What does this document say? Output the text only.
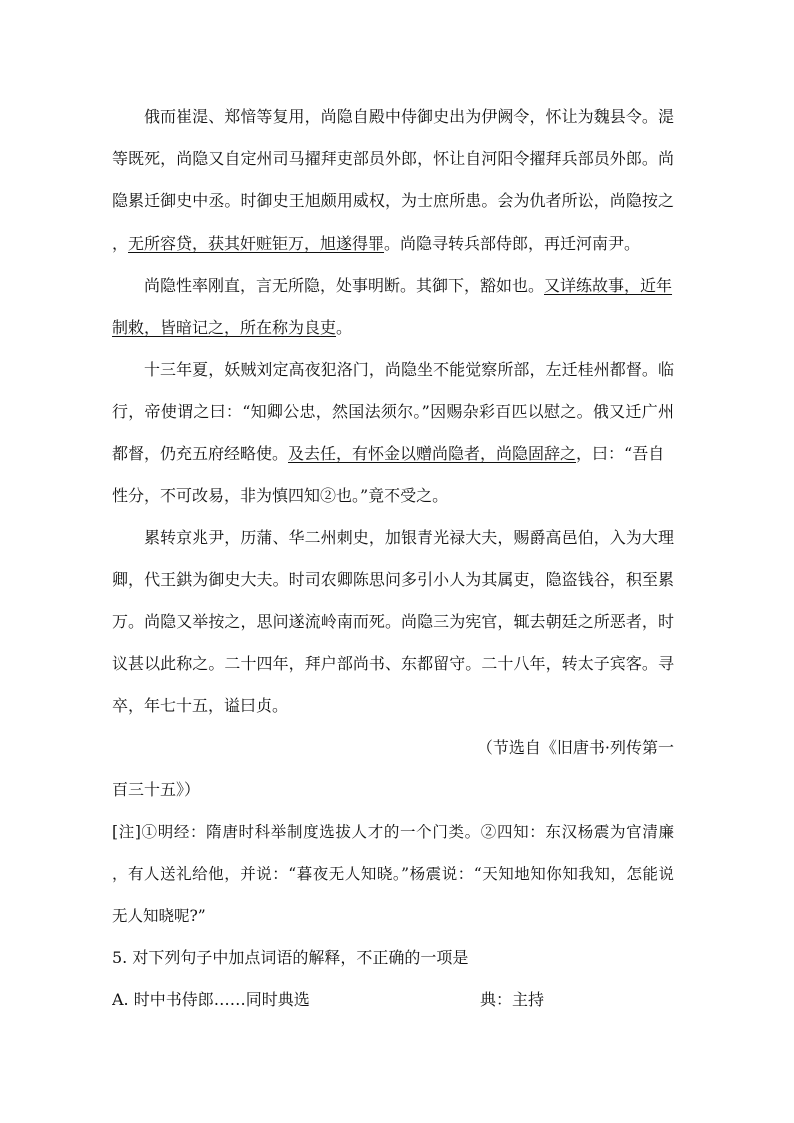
俄而崔湜、郑愔等复用，尚隐自殿中侍御史出为伊阙令，怀让为魏县令。湜
等既死，尚隐又自定州司马擢拜吏部员外郎，怀让自河阳令擢拜兵部员外郎。尚
隐累迁御史中丞。时御史王旭颇用威权，为士庶所患。会为仇者所讼，尚隐按之
，无所容贷，获其奸赃钜万，旭遂得罪。尚隐寻转兵部侍郎，再迁河南尹。
尚隐性率刚直，言无所隐，处事明断。其御下，豁如也。又详练故事，近年
制敕，皆暗记之，所在称为良吏。
十三年夏，妖贼刘定高夜犯洛门，尚隐坐不能觉察所部，左迁桂州都督。临
行，帝使谓之曰：“知卿公忠，然国法须尔。”因赐杂彩百匹以慰之。俄又迁广州
都督，仍充五府经略使。及去任，有怀金以赠尚隐者，尚隐固辞之，曰：“吾自
性分，不可改易，非为慎四知②也。”竟不受之。
累转京兆尹，历蒲、华二州刺史，加银青光禄大夫，赐爵高邑伯，入为大理
卿，代王鉷为御史大夫。时司农卿陈思问多引小人为其属吏，隐盗钱谷，积至累
万。尚隐又举按之，思问遂流岭南而死。尚隐三为宪官，辄去朝廷之所恶者，时
议甚以此称之。二十四年，拜户部尚书、东都留守。二十八年，转太子宾客。寻
卒，年七十五，谥曰贞。
（节选自《旧唐书·列传第一
百三十五》）
[注]①明经：隋唐时科举制度选拔人才的一个门类。②四知：东汉杨震为官清廉
，有人送礼给他，并说：“暮夜无人知晓。”杨震说：“天知地知你知我知，怎能说
无人知晓呢?”
5. 对下列句子中加点词语的解释，不正确的一项是
A. 时中书侍郎……同时典选	典：主持
